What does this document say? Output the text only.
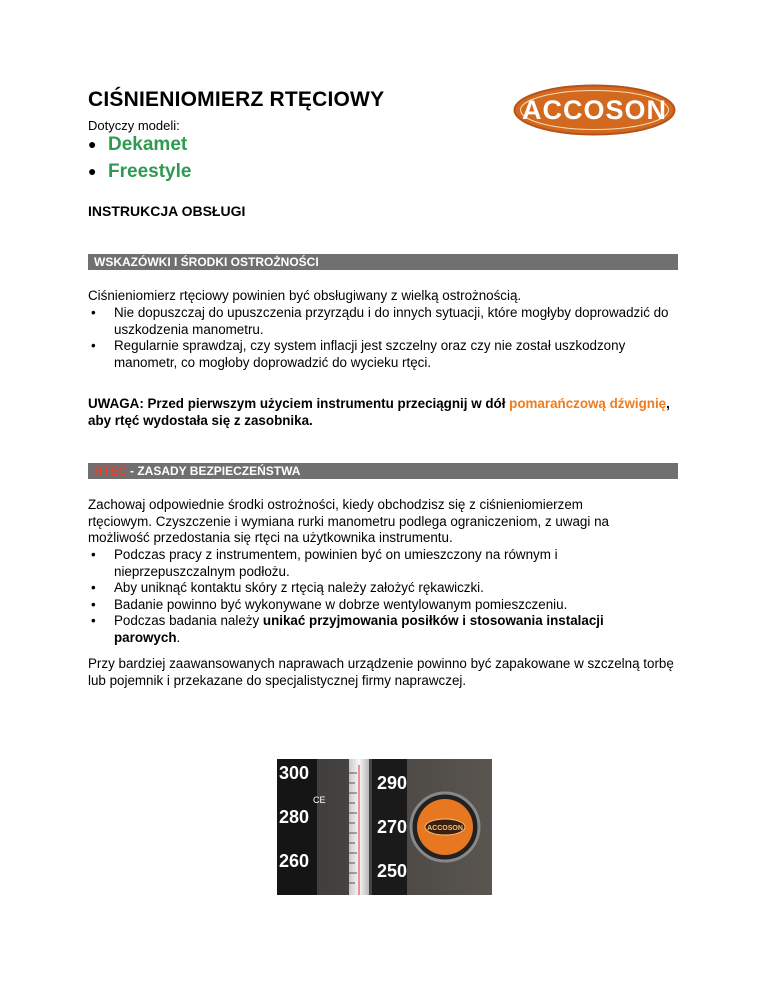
CIŚNIENIOMIERZ RTĘCIOWY
Dotyczy modeli:
● Dekamet
● Freestyle
ACCOSON
INSTRUKCJA OBSŁUGI
WSKAZÓWKI I ŚRODKI OSTROŻNOŚCI
Ciśnieniomierz rtęciowy powinien być obsługiwany z wielką ostrożnością.
• Nie dopuszczaj do upuszczenia przyrządu i do innych sytuacji, które mogłyby doprowadzić do uszkodzenia manometru.
• Regularnie sprawdzaj, czy system inflacji jest szczelny oraz czy nie został uszkodzony manometr, co mogłoby doprowadzić do wycieku rtęci.
UWAGA: Przed pierwszym użyciem instrumentu przeciągnij w dół pomarańczową dźwignię,
aby rtęć wydostała się z zasobnika.
RTĘĆ - ZASADY BEZPIECZEŃSTWA
Zachowaj odpowiednie środki ostrożności, kiedy obchodzisz się z ciśnieniomierzem rtęciowym. Czyszczenie i wymiana rurki manometru podlega ograniczeniom, z uwagi na możliwość przedostania się rtęci na użytkownika instrumentu.
• Podczas pracy z instrumentem, powinien być on umieszczony na równym i nieprzepuszczalnym podłożu.
• Aby uniknąć kontaktu skóry z rtęcią należy założyć rękawiczki.
• Badanie powinno być wykonywane w dobrze wentylowanym pomieszczeniu.
• Podczas badania należy unikać przyjmowania posiłków i stosowania instalacji parowych.
Przy bardziej zaawansowanych naprawach urządzenie powinno być zapakowane w szczelną torbę lub pojemnik i przekazane do specjalistycznej firmy naprawczej.
300
CE
280
260
290
270
250
ACCOSON
